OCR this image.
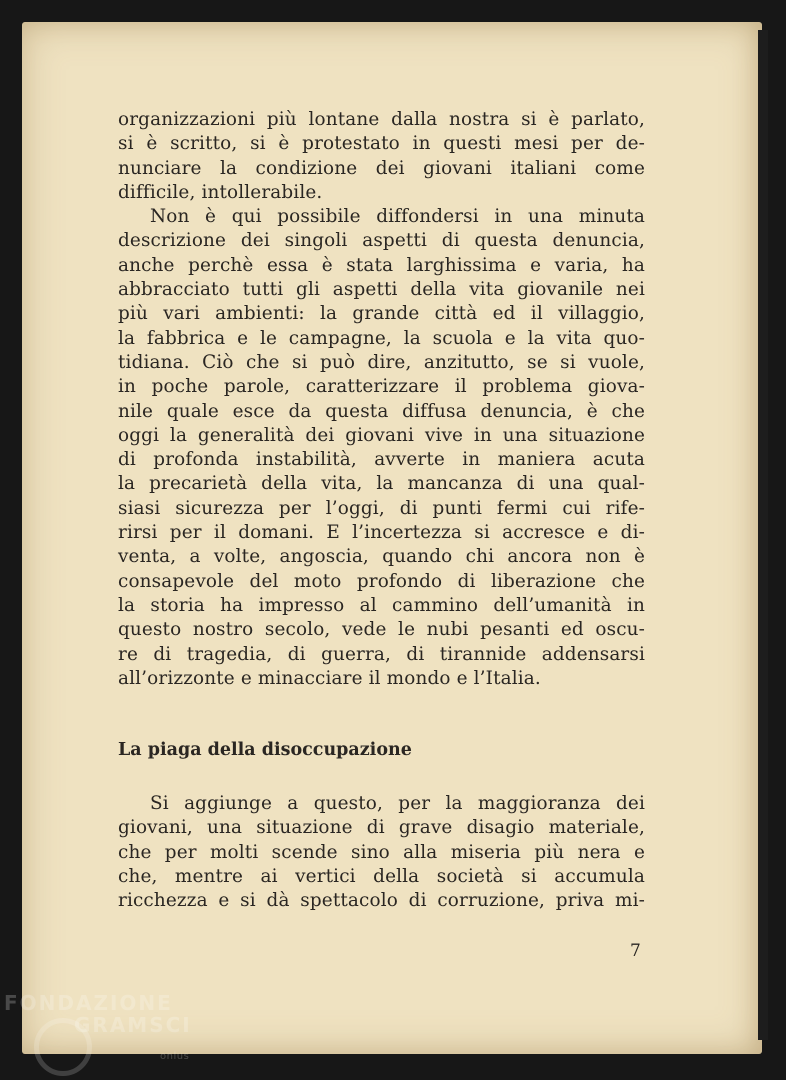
organizzazioni più lontane dalla nostra si è parlato,
si è scritto, si è protestato in questi mesi per de-
nunciare la condizione dei giovani italiani come
difficile, intollerabile.
Non è qui possibile diffondersi in una minuta
descrizione dei singoli aspetti di questa denuncia,
anche perchè essa è stata larghissima e varia, ha
abbracciato tutti gli aspetti della vita giovanile nei
più vari ambienti: la grande città ed il villaggio,
la fabbrica e le campagne, la scuola e la vita quo-
tidiana. Ciò che si può dire, anzitutto, se si vuole,
in poche parole, caratterizzare il problema giova-
nile quale esce da questa diffusa denuncia, è che
oggi la generalità dei giovani vive in una situazione
di profonda instabilità, avverte in maniera acuta
la precarietà della vita, la mancanza di una qual-
siasi sicurezza per l’oggi, di punti fermi cui rife-
rirsi per il domani. E l’incertezza si accresce e di-
venta, a volte, angoscia, quando chi ancora non è
consapevole del moto profondo di liberazione che
la storia ha impresso al cammino dell’umanità in
questo nostro secolo, vede le nubi pesanti ed oscu-
re di tragedia, di guerra, di tirannide addensarsi
all’orizzonte e minacciare il mondo e l’Italia.
La piaga della disoccupazione
Si aggiunge a questo, per la maggioranza dei
giovani, una situazione di grave disagio materiale,
che per molti scende sino alla miseria più nera e
che, mentre ai vertici della società si accumula
ricchezza e si dà spettacolo di corruzione, priva mi-
7
FONDAZIONE
GRAMSCI
onlus
